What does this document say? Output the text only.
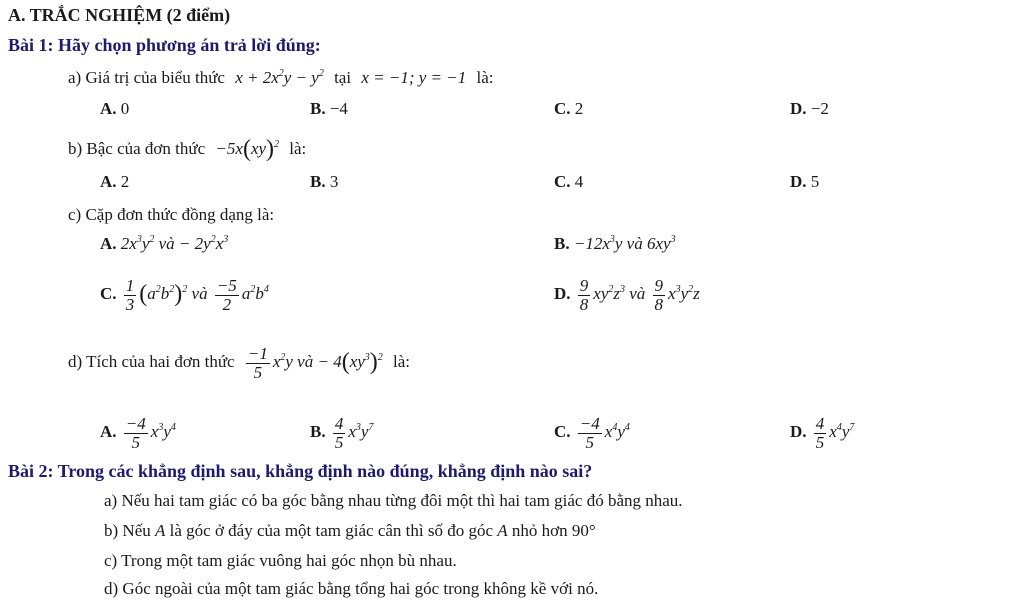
A. TRẮC NGHIỆM (2 điểm)
Bài 1: Hãy chọn phương án trả lời đúng:
a) Giá trị của biểu thức $x + 2x^2y - y^2$ tại x = −1; y = −1 là:
A. 0	B. −4	C. 2	D. −2
b) Bậc của đơn thức −5x(xy)$^2$ là:
A. 2	B. 3	C. 4	D. 5
c) Cặp đơn thức đồng dạng là:
A. $2x^3y^2$ và − $2y^2x^3$	B. $-12x^3y$ và $6xy^3$
C. $\frac{1}{3} (a^2b^2)^2$ và $\frac{-5}{2} a^2b^4$	D. $\frac{9}{8} xy^2z^3$ và $\frac{9}{8} x^3y^2z$
d) Tích của hai đơn thức $\frac{-1}{5} x^2y$ và − $4(xy^3)^2$ là:
A. $\frac{-4}{5} x^3y^4$	B. $\frac{4}{5} x^3y^7$	C. $\frac{-4}{5} x^4y^4$	D. $\frac{4}{5} x^4y^7$
Bài 2: Trong các khẳng định sau, khẳng định nào đúng, khẳng định nào sai?
a) Nếu hai tam giác có ba góc bằng nhau từng đôi một thì hai tam giác đó bằng nhau.
b) Nếu A là góc ở đáy của một tam giác cân thì số đo góc A nhỏ hơn 90°
c) Trong một tam giác vuông hai góc nhọn bù nhau.
d) Góc ngoài của một tam giác bằng tổng hai góc trong không kề với nó.
